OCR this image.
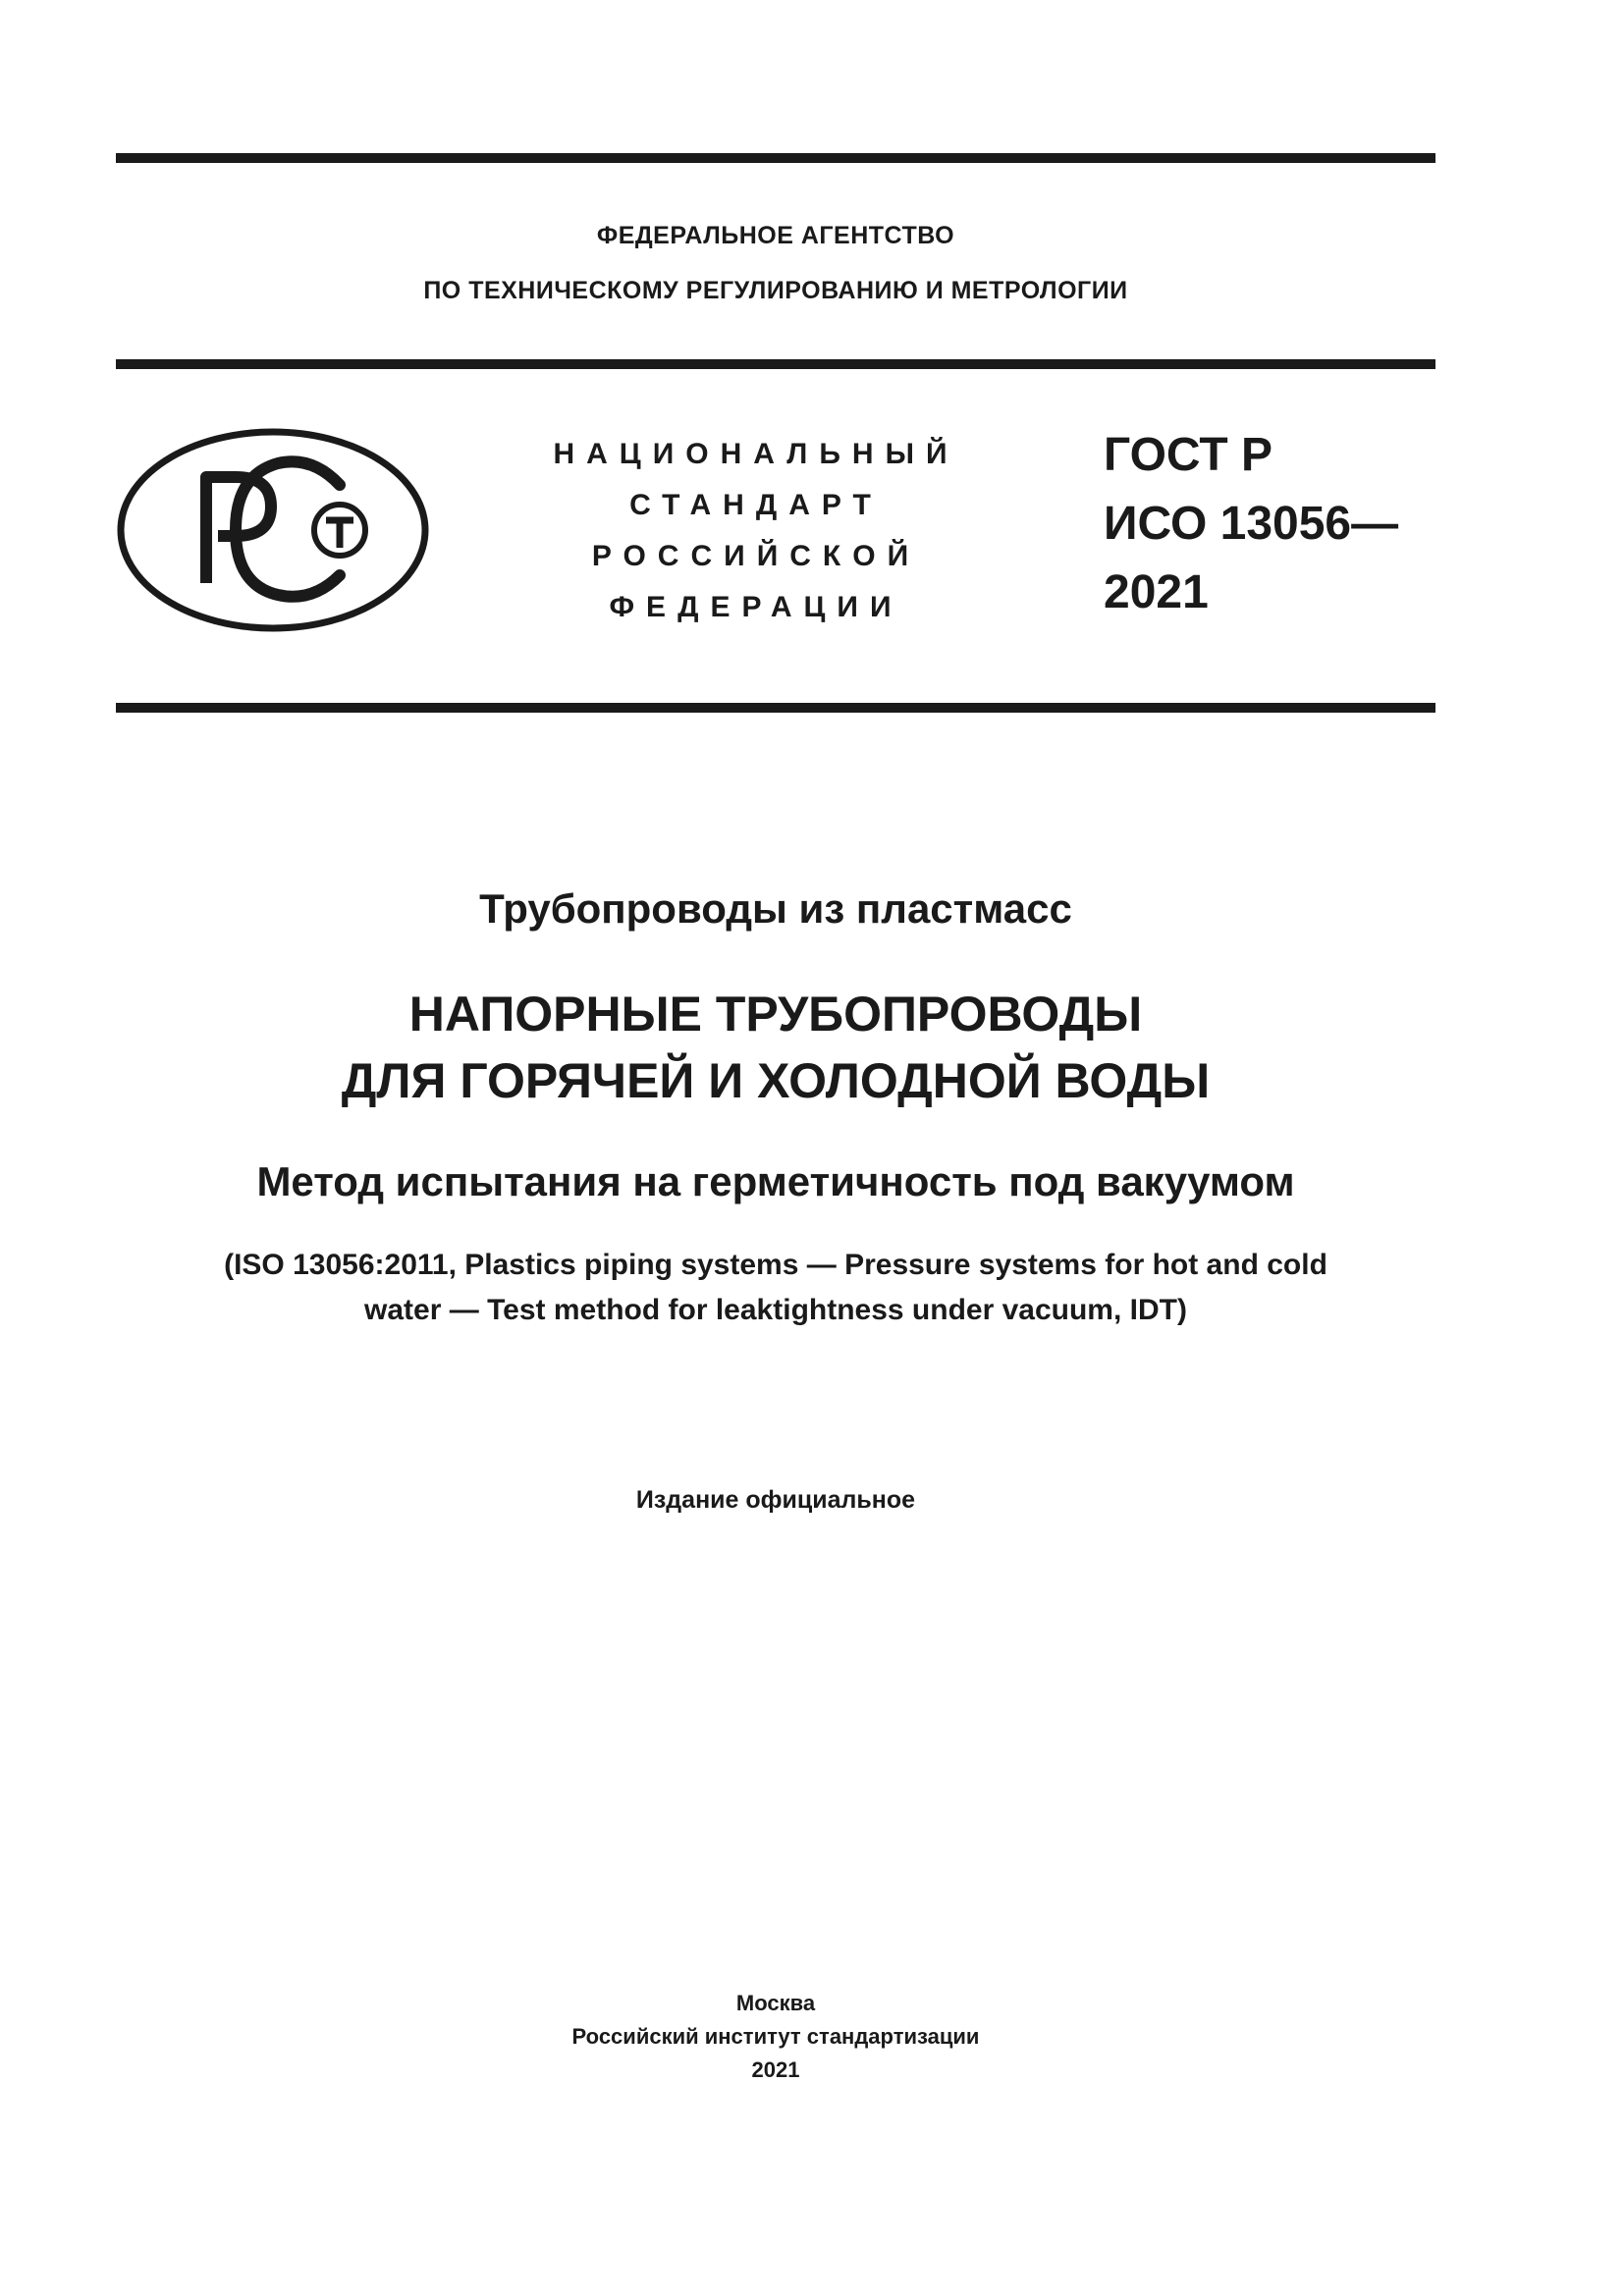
ФЕДЕРАЛЬНОЕ АГЕНТСТВО
ПО ТЕХНИЧЕСКОМУ РЕГУЛИРОВАНИЮ И МЕТРОЛОГИИ
НАЦИОНАЛЬНЫЙ
СТАНДАРТ
РОССИЙСКОЙ
ФЕДЕРАЦИИ
ГОСТ Р
ИСО 13056—
2021
Трубопроводы из пластмасс
НАПОРНЫЕ ТРУБОПРОВОДЫ
ДЛЯ ГОРЯЧЕЙ И ХОЛОДНОЙ ВОДЫ
Метод испытания на герметичность под вакуумом
(ISO 13056:2011, Plastics piping systems — Pressure systems for hot and cold
water — Test method for leaktightness under vacuum, IDT)
Издание официальное
Москва
Российский институт стандартизации
2021
